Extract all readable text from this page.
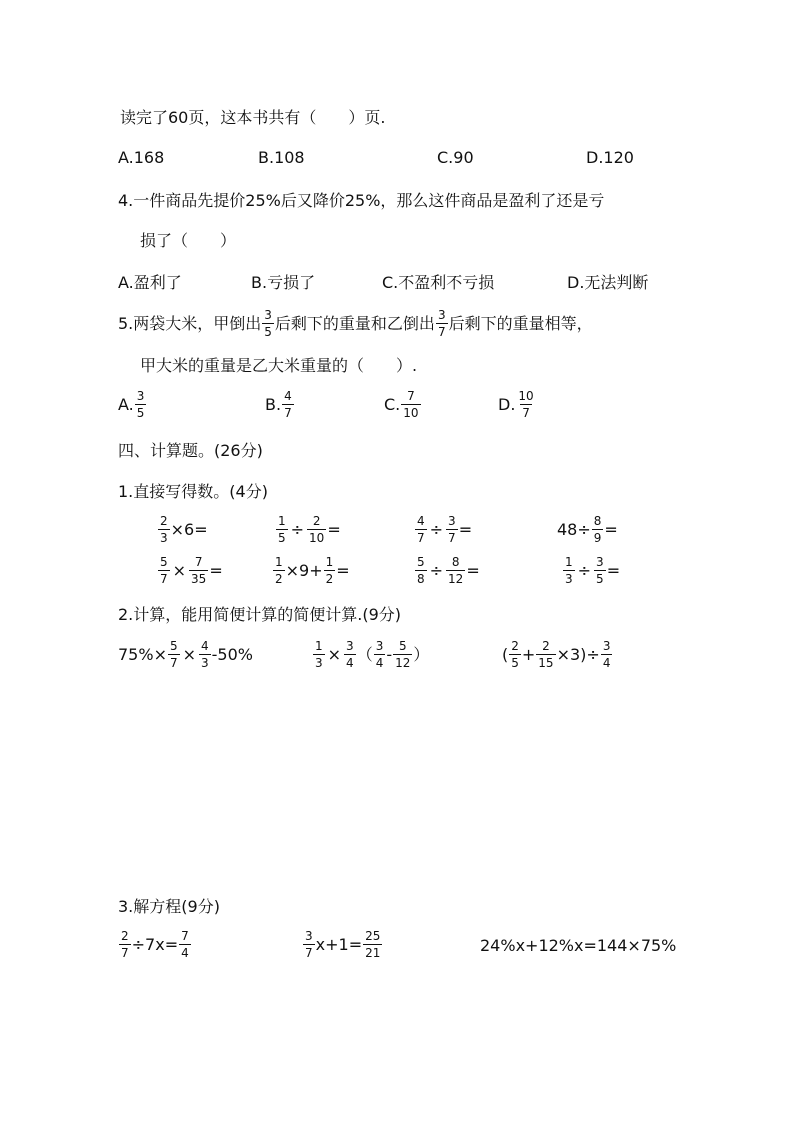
读完了60页，这本书共有（　　）页.
A.168	B.108	C.90	D.120
4.一件商品先提价25%后又降价25%，那么这件商品是盈利了还是亏
损了（　　）
A.盈利了	B.亏损了	C.不盈利不亏损	D.无法判断
5.两袋大米，甲倒出 $\frac{3}{5}$ 后剩下的重量和乙倒出 $\frac{3}{7}$ 后剩下的重量相等，
甲大米的重量是乙大米重量的（　　）.
A. $\frac{3}{5}$	B. $\frac{4}{7}$	C. $\frac{7}{10}$	D. $\frac{10}{7}$
四、计算题。(26分)
1.直接写得数。(4分)
$\frac{2}{3} \times 6=$	$\frac{1}{5} \div \frac{2}{10}$ =	$\frac{4}{7} \div \frac{3}{7}$ =	$48\div \frac{8}{9}$ =
$\frac{5}{7} \times \frac{7}{35}$ =	$\frac{1}{2} \times 9+ \frac{1}{2}$ =	$\frac{5}{8} \div \frac{8}{12}$ =	$\frac{1}{3} \div \frac{3}{5}$ =
2.计算，能用简便计算的简便计算.(9分)
$75\%\times \frac{5}{7} \times \frac{4}{3} -50\%$	$\frac{1}{3} \times \frac{3}{4}$ （ $\frac{3}{4} - \frac{5}{12}$ ）	( $\frac{2}{5} + \frac{2}{15} \times 3)\div \frac{3}{4}$
3.解方程(9分)
$\frac{2}{7} \div 7x= \frac{7}{4}$	$\frac{3}{7} x+1= \frac{25}{21}$	24%x+12%x=144×75%
